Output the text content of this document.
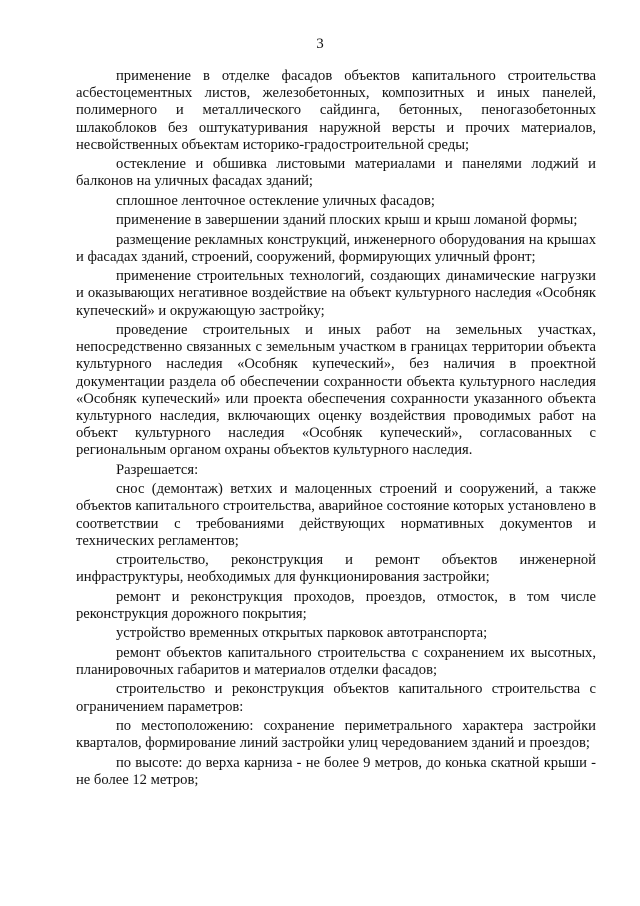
3

применение в отделке фасадов объектов капитального строительства асбестоцементных листов, железобетонных, композитных и иных панелей, полимерного и металлического сайдинга, бетонных, пеногазобетонных шлакоблоков без оштукатуривания наружной версты и прочих материалов, несвойственных объектам историко-градостроительной среды;

остекление и обшивка листовыми материалами и панелями лоджий и балконов на уличных фасадах зданий;

сплошное ленточное остекление уличных фасадов;

применение в завершении зданий плоских крыш и крыш ломаной формы;

размещение рекламных конструкций, инженерного оборудования на крышах и фасадах зданий, строений, сооружений, формирующих уличный фронт;

применение строительных технологий, создающих динамические нагрузки и оказывающих негативное воздействие на объект культурного наследия «Особняк купеческий» и окружающую застройку;

проведение строительных и иных работ на земельных участках, непосредственно связанных с земельным участком в границах территории объекта культурного наследия «Особняк купеческий», без наличия в проектной документации раздела об обеспечении сохранности объекта культурного наследия «Особняк купеческий» или проекта обеспечения сохранности указанного объекта культурного наследия, включающих оценку воздействия проводимых работ на объект культурного наследия «Особняк купеческий», согласованных с региональным органом охраны объектов культурного наследия.

Разрешается:

снос (демонтаж) ветхих и малоценных строений и сооружений, а также объектов капитального строительства, аварийное состояние которых установлено в соответствии с требованиями действующих нормативных документов и технических регламентов;

строительство, реконструкция и ремонт объектов инженерной инфраструктуры, необходимых для функционирования застройки;

ремонт и реконструкция проходов, проездов, отмосток, в том числе реконструкция дорожного покрытия;

устройство временных открытых парковок автотранспорта;

ремонт объектов капитального строительства с сохранением их высотных, планировочных габаритов и материалов отделки фасадов;

строительство и реконструкция объектов капитального строительства с ограничением параметров:

по местоположению: сохранение периметрального характера застройки кварталов, формирование линий застройки улиц чередованием зданий и проездов;

по высоте: до верха карниза - не более 9 метров, до конька скатной крыши - не более 12 метров;
